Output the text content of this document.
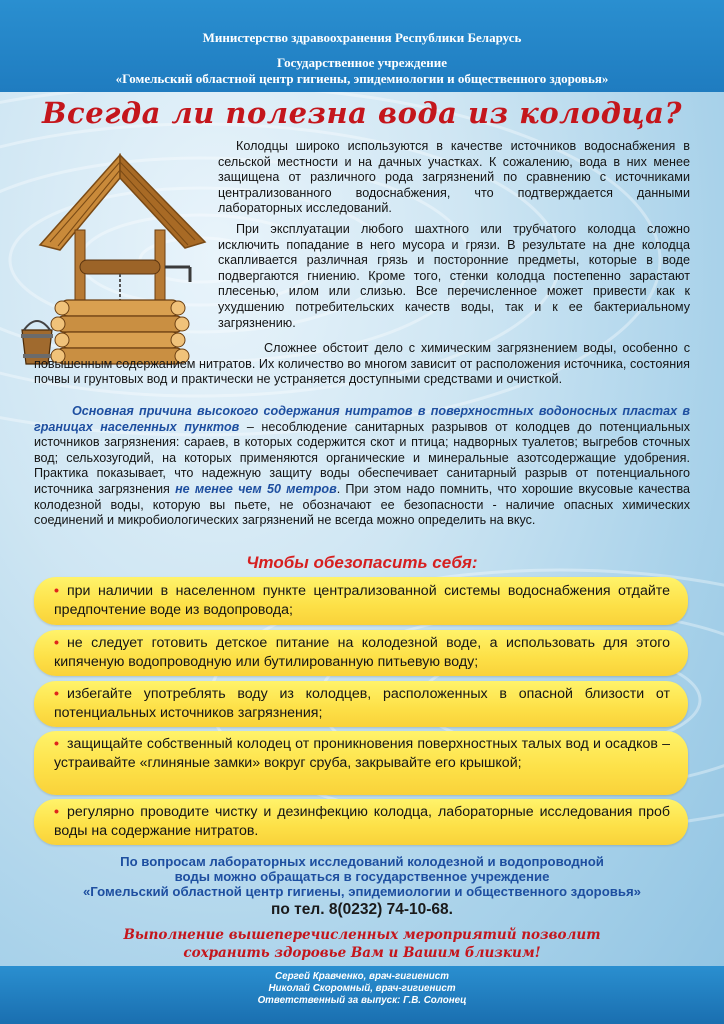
Министерство здравоохранения Республики Беларусь
Государственное учреждение
«Гомельский областной центр гигиены, эпидемиологии и общественного здоровья»
Всегда ли полезна вода из колодца?
Колодцы широко используются в качестве источников водоснабжения в сельской местности и на дачных участках. К сожалению, вода в них менее защищена от различного рода загрязнений по сравнению с источниками централизованного водоснабжения, что подтверждается данными лабораторных исследований.
При эксплуатации любого шахтного или трубчатого колодца сложно исключить попадание в него мусора и грязи. В результате на дне колодца скапливается различная грязь и посторонние предметы, которые в воде подвергаются гниению. Кроме того, стенки колодца постепенно зарастают плесенью, илом или слизью. Все перечисленное может привести как к ухудшению потребительских качеств воды, так и к ее бактериальному загрязнению.
Сложнее обстоит дело с химическим загрязнением воды, особенно с повышенным содержанием нитратов. Их количество во многом зависит от расположения источника, состояния почвы и грунтовых вод и практически не устраняется доступными средствами и очисткой.
Основная причина высокого содержания нитратов в поверхностных водоносных пластах в границах населенных пунктов – несоблюдение санитарных разрывов от колодцев до потенциальных источников загрязнения: сараев, в которых содержится скот и птица; надворных туалетов; выгребов сточных вод; сельхозугодий, на которых применяются органические и минеральные азотсодержащие удобрения. Практика показывает, что надежную защиту воды обеспечивает санитарный разрыв от потенциального источника загрязнения не менее чем 50 метров. При этом надо помнить, что хорошие вкусовые качества колодезной воды, которую вы пьете, не обозначают ее безопасности - наличие опасных химических соединений и микробиологических загрязнений не всегда можно определить на вкус.
Чтобы обезопасить себя:
• при наличии в населенном пункте централизованной системы водоснабжения отдайте предпочтение воде из водопровода;
• не следует готовить детское питание на колодезной воде, а использовать для этого кипяченую водопроводную или бутилированную питьевую воду;
• избегайте употреблять воду из колодцев, расположенных в опасной близости от потенциальных источников загрязнения;
• защищайте собственный колодец от проникновения поверхностных талых вод и осадков – устраивайте «глиняные замки» вокруг сруба, закрывайте его крышкой;
• регулярно проводите чистку и дезинфекцию колодца, лабораторные исследования проб воды на содержание нитратов.
По вопросам лабораторных исследований колодезной и водопроводной
воды можно обращаться в государственное учреждение
«Гомельский областной центр гигиены, эпидемиологии и общественного здоровья»
по тел. 8(0232) 74-10-68.
Выполнение вышеперечисленных мероприятий позволит
сохранить здоровье Вам и Вашим близким!
Сергей Кравченко, врач-гигиенист
Николай Скоромный, врач-гигиенист
Ответственный за выпуск: Г.В. Солонец
